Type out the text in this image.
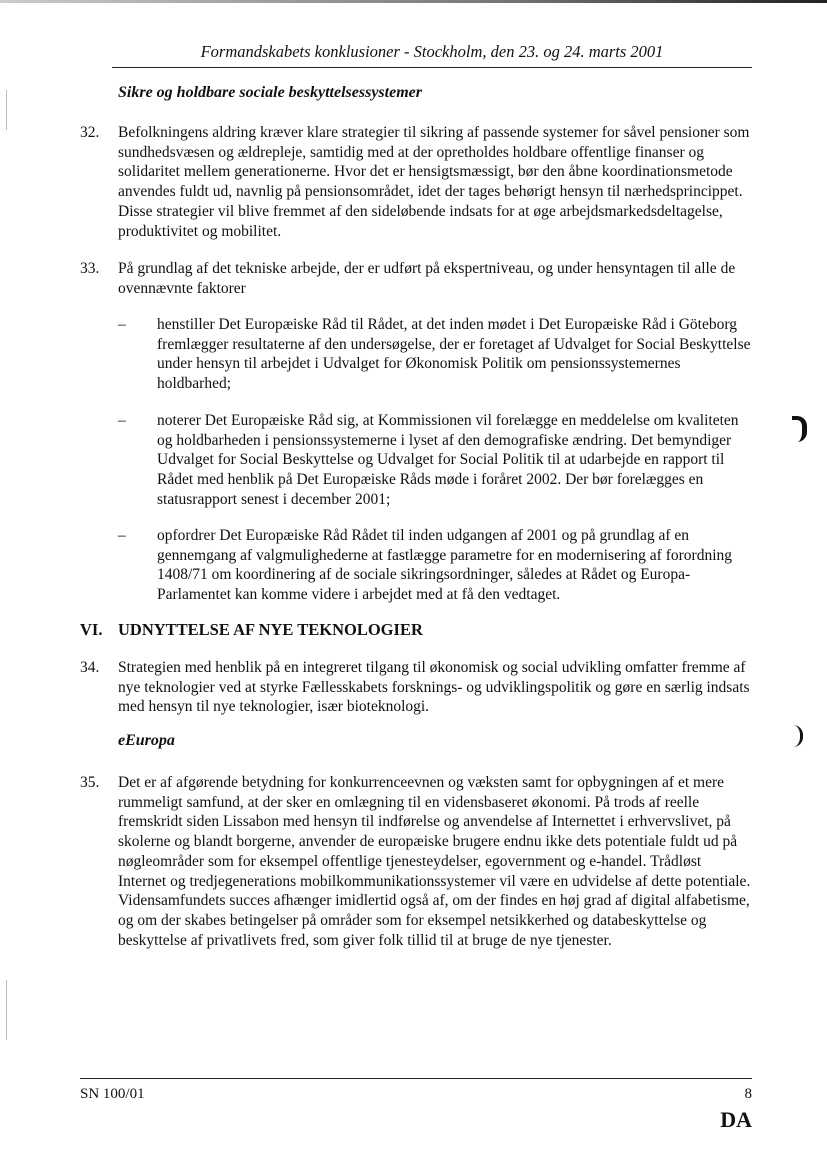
Formandskabets konklusioner - Stockholm, den 23. og 24. marts 2001
Sikre og holdbare sociale beskyttelsessystemer
32. Befolkningens aldring kræver klare strategier til sikring af passende systemer for såvel pensioner som sundhedsvæsen og ældrepleje, samtidig med at der opretholdes holdbare offentlige finanser og solidaritet mellem generationerne. Hvor det er hensigtsmæssigt, bør den åbne koordinationsmetode anvendes fuldt ud, navnlig på pensionsområdet, idet der tages behørigt hensyn til nærhedsprincippet. Disse strategier vil blive fremmet af den sideløbende indsats for at øge arbejdsmarkedsdeltagelse, produktivitet og mobilitet.
33. På grundlag af det tekniske arbejde, der er udført på ekspertniveau, og under hensyntagen til alle de ovennævnte faktorer
– henstiller Det Europæiske Råd til Rådet, at det inden mødet i Det Europæiske Råd i Göteborg fremlægger resultaterne af den undersøgelse, der er foretaget af Udvalget for Social Beskyttelse under hensyn til arbejdet i Udvalget for Økonomisk Politik om pensionssystemernes holdbarhed;
– noterer Det Europæiske Råd sig, at Kommissionen vil forelægge en meddelelse om kvaliteten og holdbarheden i pensionssystemerne i lyset af den demografiske ændring. Det bemyndiger Udvalget for Social Beskyttelse og Udvalget for Social Politik til at udarbejde en rapport til Rådet med henblik på Det Europæiske Råds møde i foråret 2002. Der bør forelægges en statusrapport senest i december 2001;
– opfordrer Det Europæiske Råd Rådet til inden udgangen af 2001 og på grundlag af en gennemgang af valgmulighederne at fastlægge parametre for en modernisering af forordning 1408/71 om koordinering af de sociale sikringsordninger, således at Rådet og Europa-Parlamentet kan komme videre i arbejdet med at få den vedtaget.
VI. UDNYTTELSE AF NYE TEKNOLOGIER
34. Strategien med henblik på en integreret tilgang til økonomisk og social udvikling omfatter fremme af nye teknologier ved at styrke Fællesskabets forsknings- og udviklingspolitik og gøre en særlig indsats med hensyn til nye teknologier, især bioteknologi.
eEuropa
35. Det er af afgørende betydning for konkurrenceevnen og væksten samt for opbygningen af et mere rummeligt samfund, at der sker en omlægning til en vidensbaseret økonomi. På trods af reelle fremskridt siden Lissabon med hensyn til indførelse og anvendelse af Internettet i erhvervslivet, på skolerne og blandt borgerne, anvender de europæiske brugere endnu ikke dets potentiale fuldt ud på nøgleområder som for eksempel offentlige tjenesteydelser, egovernment og e-handel. Trådløst Internet og tredjegenerations mobilkommunikationssystemer vil være en udvidelse af dette potentiale. Vidensamfundets succes afhænger imidlertid også af, om der findes en høj grad af digital alfabetisme, og om der skabes betingelser på områder som for eksempel netsikkerhed og databeskyttelse og beskyttelse af privatlivets fred, som giver folk tillid til at bruge de nye tjenester.
SN 100/01	8
DA
